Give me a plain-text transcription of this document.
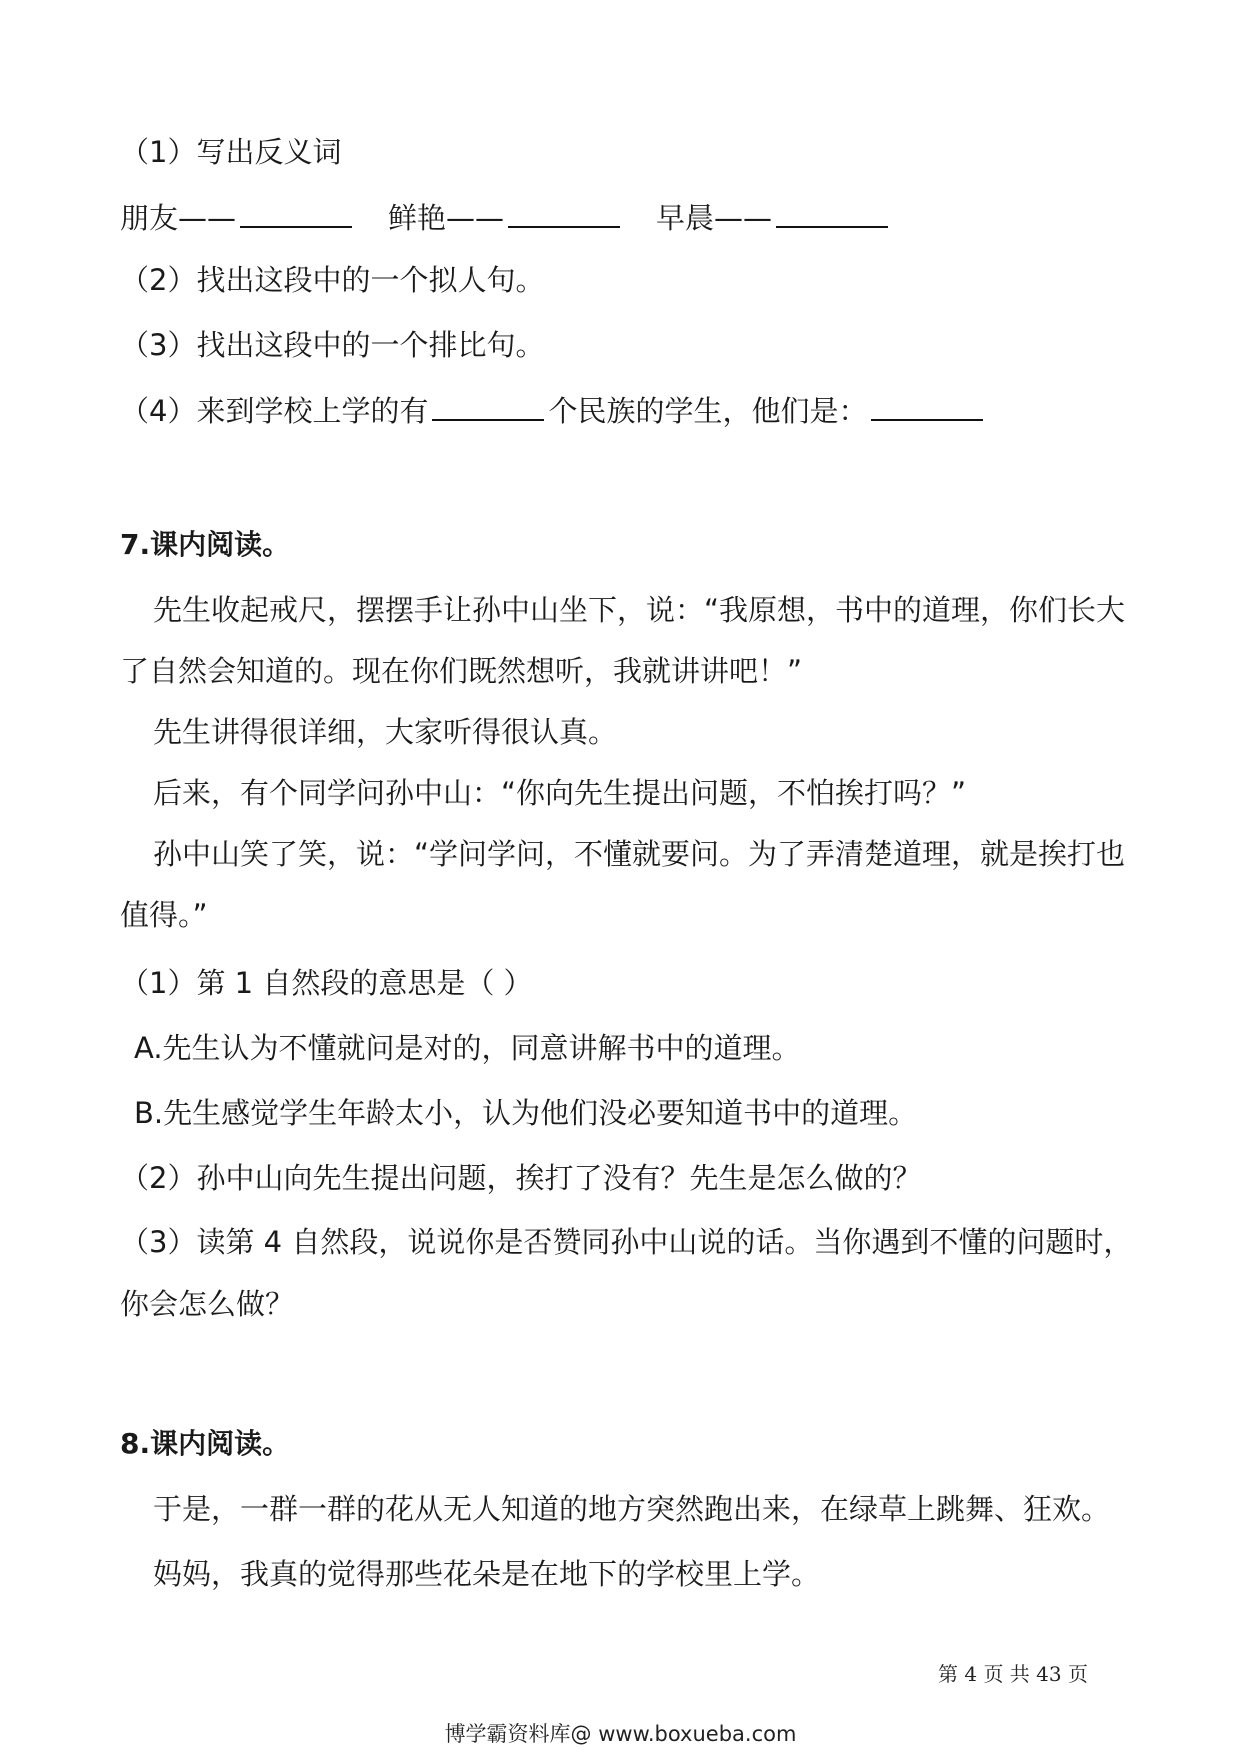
（1）写出反义词
朋友——	鲜艳——	早晨——
（2）找出这段中的一个拟人句。
（3）找出这段中的一个排比句。
（4）来到学校上学的有	个民族的学生，他们是：
7.课内阅读。
先生收起戒尺，摆摆手让孙中山坐下，说：“我原想，书中的道理，你们长大
了自然会知道的。现在你们既然想听，我就讲讲吧！”
先生讲得很详细，大家听得很认真。
后来，有个同学问孙中山：“你向先生提出问题，不怕挨打吗？”
孙中山笑了笑，说：“学问学问，不懂就要问。为了弄清楚道理，就是挨打也
值得。”
（1）第 1 自然段的意思是（ ）
A.先生认为不懂就问是对的，同意讲解书中的道理。
B.先生感觉学生年龄太小，认为他们没必要知道书中的道理。
（2）孙中山向先生提出问题，挨打了没有？先生是怎么做的？
（3）读第 4 自然段，说说你是否赞同孙中山说的话。当你遇到不懂的问题时，
你会怎么做？
8.课内阅读。
于是，一群一群的花从无人知道的地方突然跑出来，在绿草上跳舞、狂欢。
妈妈，我真的觉得那些花朵是在地下的学校里上学。
第 4 页 共 43 页
博学霸资料库@ www.boxueba.com
